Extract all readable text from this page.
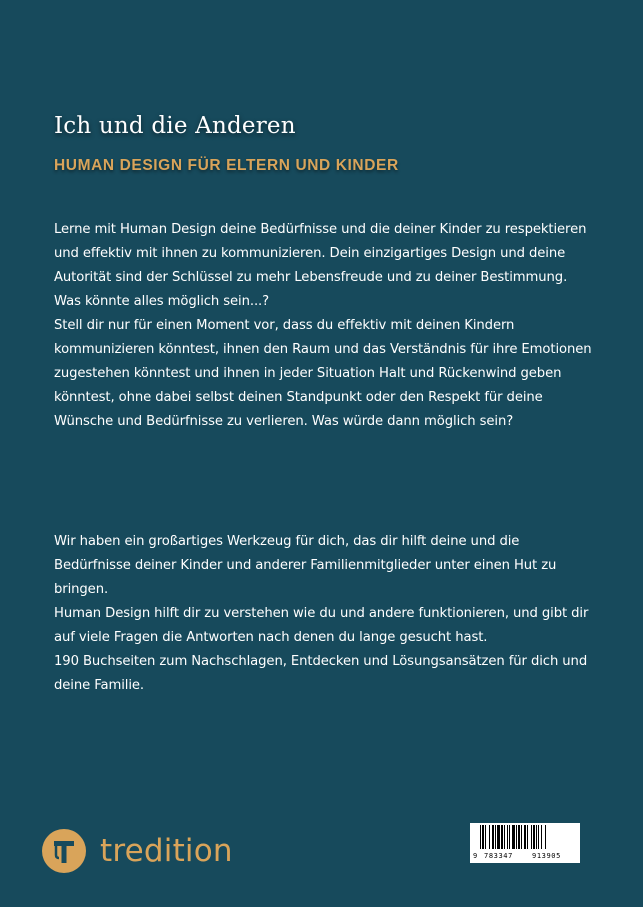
Ich und die Anderen
HUMAN DESIGN FÜR ELTERN UND KINDER

Lerne mit Human Design deine Bedürfnisse und die deiner Kinder zu respektieren und effektiv mit ihnen zu kommunizieren. Dein einzigartiges Design und deine Autorität sind der Schlüssel zu mehr Lebensfreude und zu deiner Bestimmung.

Was könnte alles möglich sein...?

Stell dir nur für einen Moment vor, dass du effektiv mit deinen Kindern kommunizieren könntest, ihnen den Raum und das Verständnis für ihre Emotionen zugestehen könntest und ihnen in jeder Situation Halt und Rückenwind geben könntest, ohne dabei selbst deinen Standpunkt oder den Respekt für deine Wünsche und Bedürfnisse zu verlieren. Was würde dann möglich sein?

Wir haben ein großartiges Werkzeug für dich, das dir hilft deine und die Bedürfnisse deiner Kinder und anderer Familienmitglieder unter einen Hut zu bringen.

Human Design hilft dir zu verstehen wie du und andere funktionieren, und gibt dir auf viele Fragen die Antworten nach denen du lange gesucht hast.

190 Buchseiten zum Nachschlagen, Entdecken und Lösungsansätzen für dich und deine Familie.

tredition	9 783347	913905
